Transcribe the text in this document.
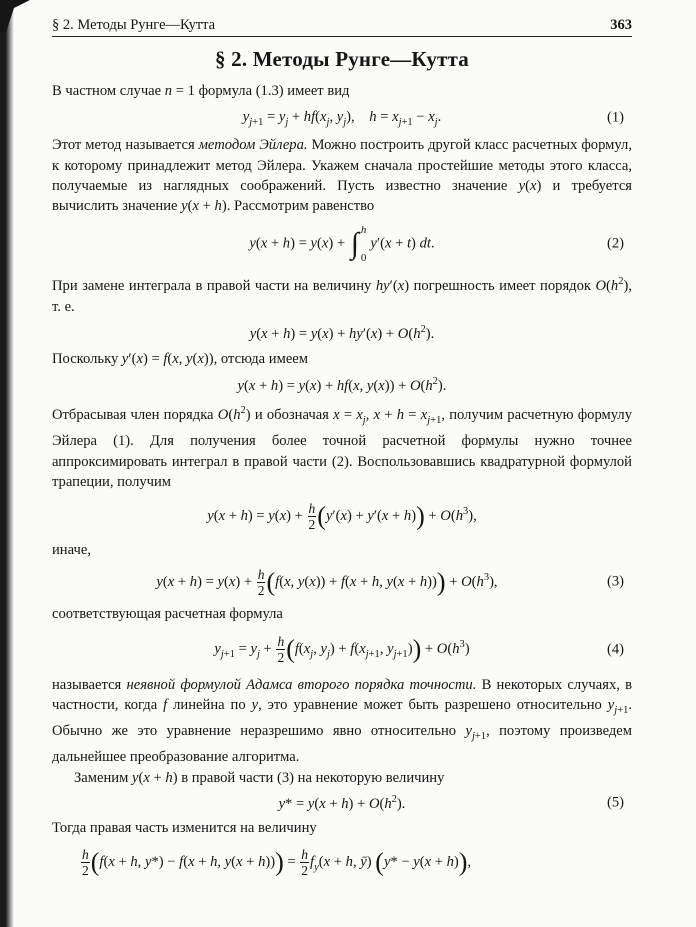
§ 2. Методы Рунге—Кутта	363
§ 2. Методы Рунге—Кутта

В частном случае n = 1 формула (1.3) имеет вид

$y_{j+1} = y_j + hf(x_j$, $y_j$),    $h = x_{j+1} - x_j$.	(1)

Этот метод называется методом Эйлера. Можно построить другой класс расчетных формул, к которому принадлежит метод Эйлера. Укажем сначала простейшие методы этого класса, получаемые из наглядных соображений. Пусть известно значение y(x) и требуется вычислить значение y(x + h). Рассмотрим равенство

y(x + h) = y(x) + ∫ h
0
y′(x + t) dt.	(2)

При замене интеграла в правой части на величину hy′(x) погрешность имеет порядок $O(h^2)$, т. е.

$y(x + h) = y(x) + hy'(x) + O(h^2)$.

Поскольку y′(x) = f(x, y(x)), отсюда имеем

y(x + h) = y(x) + hf(x, $y(x)) + O(h^2)$.

Отбрасывая член порядка $O(h^2)$ и обозначая $x = x_j$, $x + h = x_{j+1}$, получим расчетную формулу Эйлера (1). Для получения более точной расчетной формулы нужно точнее аппроксимировать интеграл в правой части (2). Воспользовавшись квадратурной формулой трапеции, получим

$y(x + h) = y(x) + \frac{h}{2} (y'(x) + y'(x + h)) + O(h^3)$,

иначе,

$y(x + h) = y(x) + \frac{h}{2} (f(x$, y(x)) + f(x + h, $y(x + h))) + O(h^3)$,	(3)

соответствующая расчетная формула

$y_{j+1} = y_j + \frac{h}{2} (f(x_j$, $y_j) + f(x_{j+1}$, $y_{j+1})) + O(h^3)$	(4)

называется неявной формулой Адамса второго порядка точности. В некоторых случаях, в частности, когда f линейна по y, это уравнение может быть разрешено относительно $y_{j+1}$. Обычно же это уравнение неразрешимо явно относительно $y_{j+1}$, поэтому произведем дальнейшее преобразование алгоритма.

Заменим y(x + h) в правой части (3) на некоторую величину

$y* = y(x + h) + O(h^2)$.	(5)

Тогда правая часть изменится на величину

$\frac{h}{2} (f(x + h$, y*) − f(x + h, $y(x + h))) = \frac{h}{2} f_y(x + h$, ȳ) (y* − y(x + h)),
